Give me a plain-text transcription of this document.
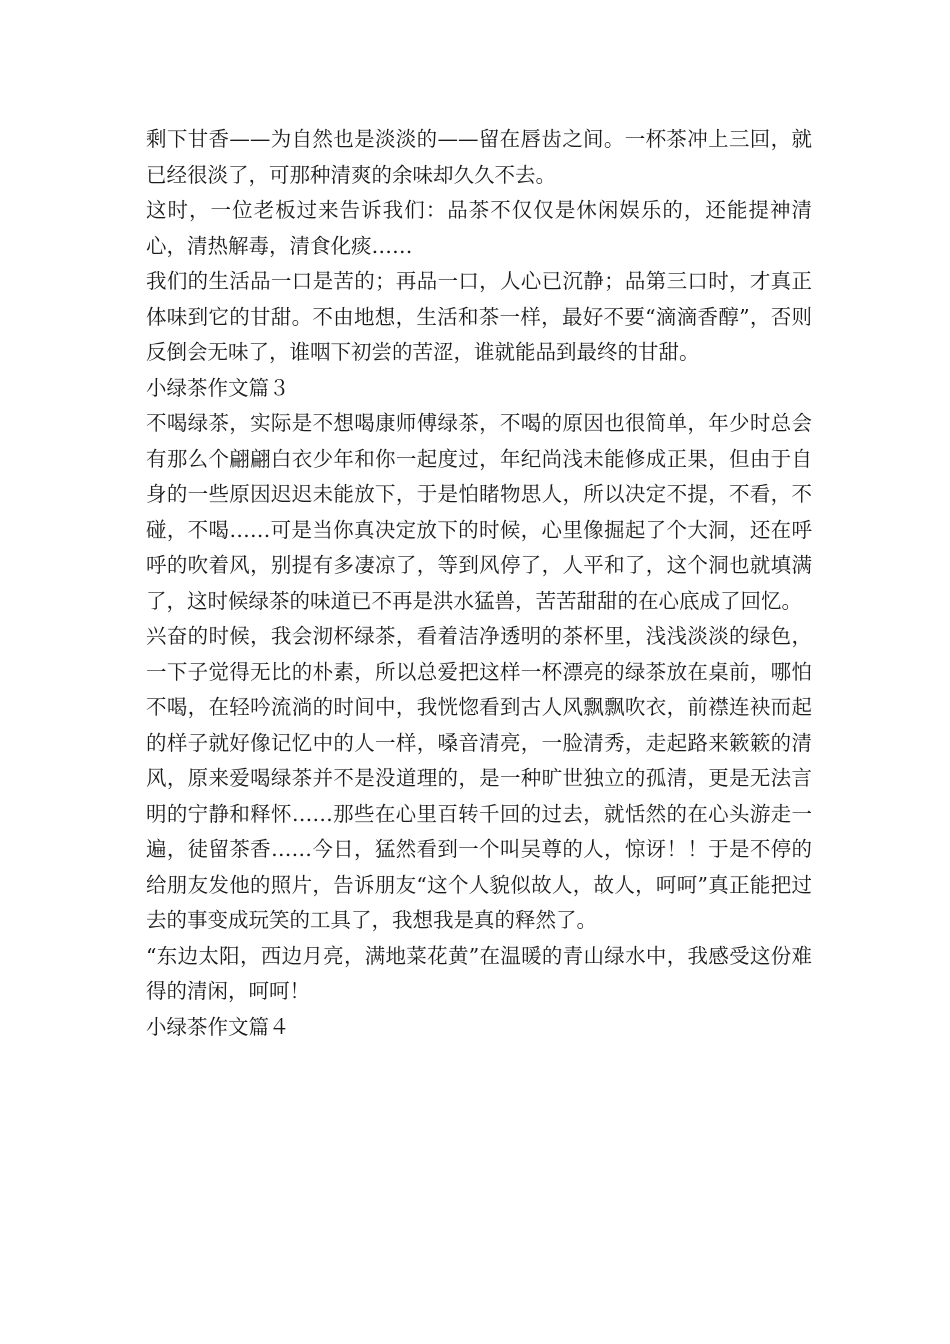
剩下甘香——为自然也是淡淡的——留在唇齿之间。一杯茶冲上三回，就已经很淡了，可那种清爽的余味却久久不去。

这时，一位老板过来告诉我们：品茶不仅仅是休闲娱乐的，还能提神清心，清热解毒，清食化痰……

我们的生活品一口是苦的；再品一口，人心已沉静；品第三口时，才真正体味到它的甘甜。不由地想，生活和茶一样，最好不要“滴滴香醇”，否则反倒会无味了，谁咽下初尝的苦涩，谁就能品到最终的甘甜。

小绿茶作文篇３

不喝绿茶，实际是不想喝康师傅绿茶，不喝的原因也很简单，年少时总会有那么个翩翩白衣少年和你一起度过，年纪尚浅未能修成正果，但由于自身的一些原因迟迟未能放下，于是怕睹物思人，所以决定不提，不看，不碰，不喝……可是当你真决定放下的时候，心里像掘起了个大洞，还在呼呼的吹着风，别提有多凄凉了，等到风停了，人平和了，这个洞也就填满了，这时候绿茶的味道已不再是洪水猛兽，苦苦甜甜的在心底成了回忆。

兴奋的时候，我会沏杯绿茶，看着洁净透明的茶杯里，浅浅淡淡的绿色，一下子觉得无比的朴素，所以总爱把这样一杯漂亮的绿茶放在桌前，哪怕不喝，在轻吟流淌的时间中，我恍惚看到古人风飘飘吹衣，前襟连袂而起的样子就好像记忆中的人一样，嗓音清亮，一脸清秀，走起路来簌簌的清风，原来爱喝绿茶并不是没道理的，是一种旷世独立的孤清，更是无法言明的宁静和释怀……那些在心里百转千回的过去，就恬然的在心头游走一遍，徒留茶香……今日，猛然看到一个叫吴尊的人，惊讶！！于是不停的给朋友发他的照片，告诉朋友“这个人貌似故人，故人，呵呵”真正能把过去的事变成玩笑的工具了，我想我是真的释然了。

“东边太阳，西边月亮，满地菜花黄”在温暖的青山绿水中，我感受这份难得的清闲，呵呵！

小绿茶作文篇４
